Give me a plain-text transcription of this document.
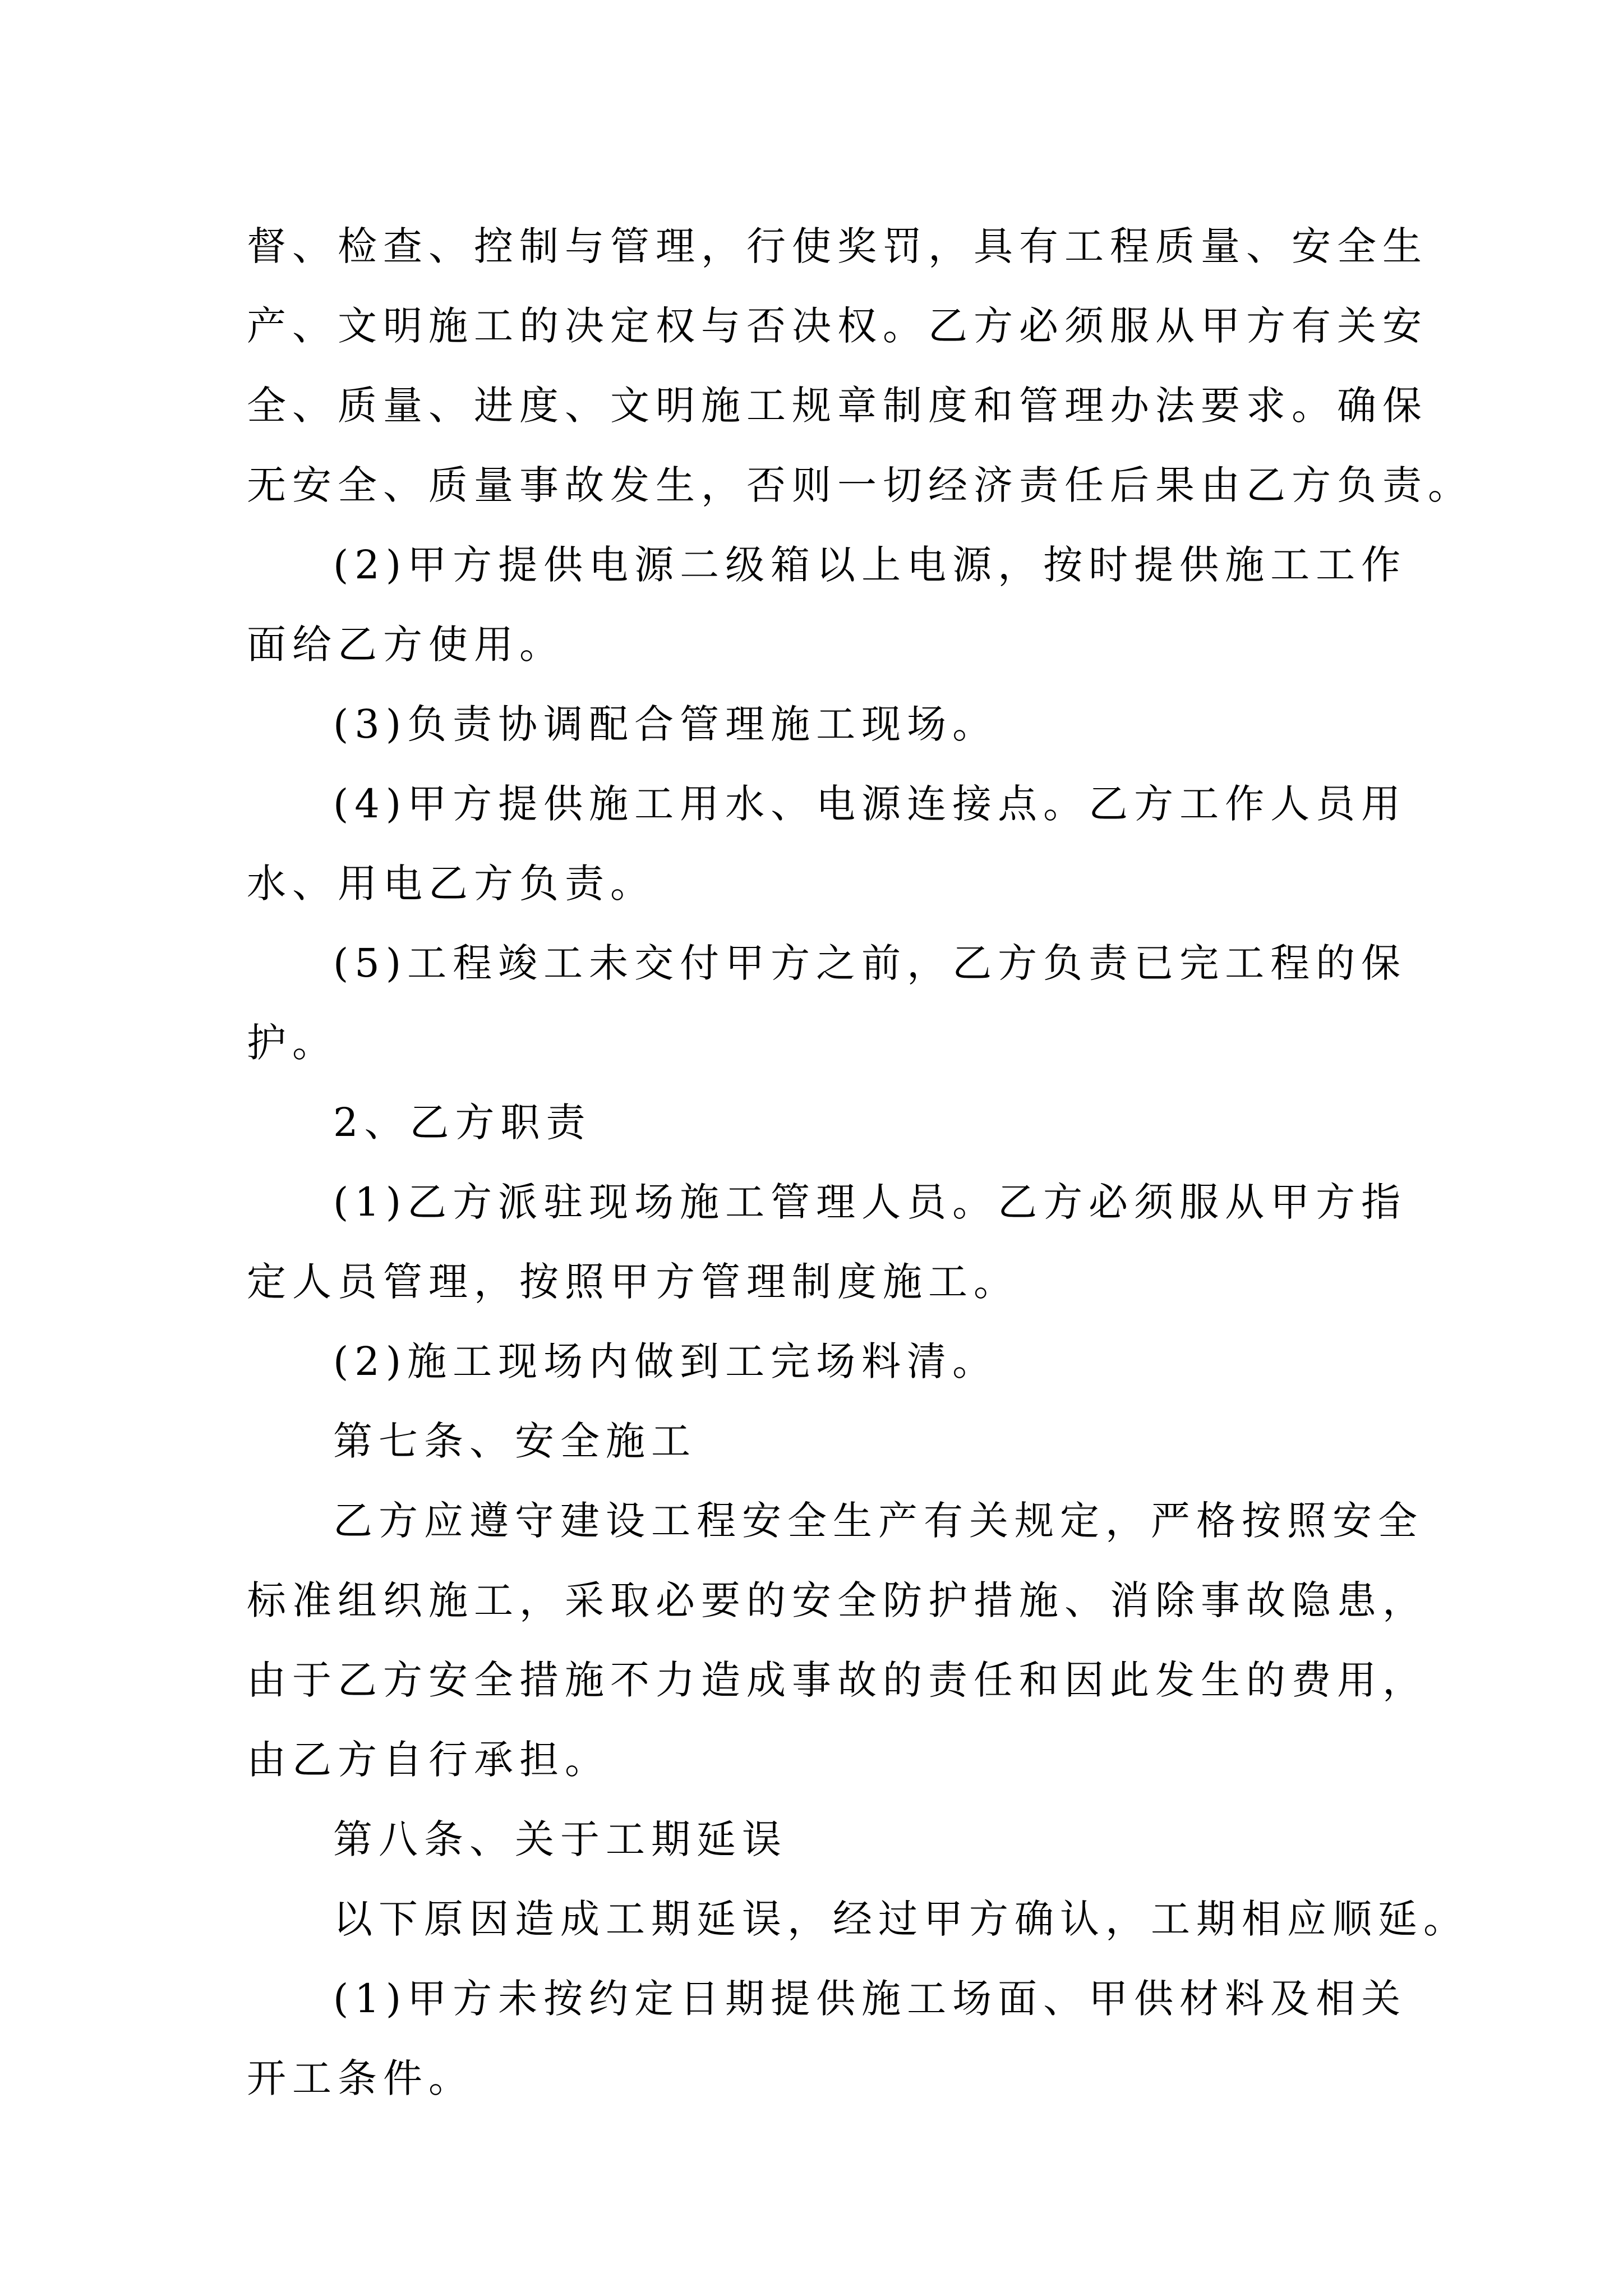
督、检查、控制与管理，行使奖罚，具有工程质量、安全生
产、文明施工的决定权与否决权。乙方必须服从甲方有关安
全、质量、进度、文明施工规章制度和管理办法要求。确保
无安全、质量事故发生，否则一切经济责任后果由乙方负责。
(2)甲方提供电源二级箱以上电源，按时提供施工工作
面给乙方使用。
(3)负责协调配合管理施工现场。
(4)甲方提供施工用水、电源连接点。乙方工作人员用
水、用电乙方负责。
(5)工程竣工未交付甲方之前，乙方负责已完工程的保
护。
2、乙方职责
(1)乙方派驻现场施工管理人员。乙方必须服从甲方指
定人员管理，按照甲方管理制度施工。
(2)施工现场内做到工完场料清。
第七条、安全施工
乙方应遵守建设工程安全生产有关规定，严格按照安全
标准组织施工，采取必要的安全防护措施、消除事故隐患，
由于乙方安全措施不力造成事故的责任和因此发生的费用，
由乙方自行承担。
第八条、关于工期延误
以下原因造成工期延误，经过甲方确认，工期相应顺延。
(1)甲方未按约定日期提供施工场面、甲供材料及相关
开工条件。
